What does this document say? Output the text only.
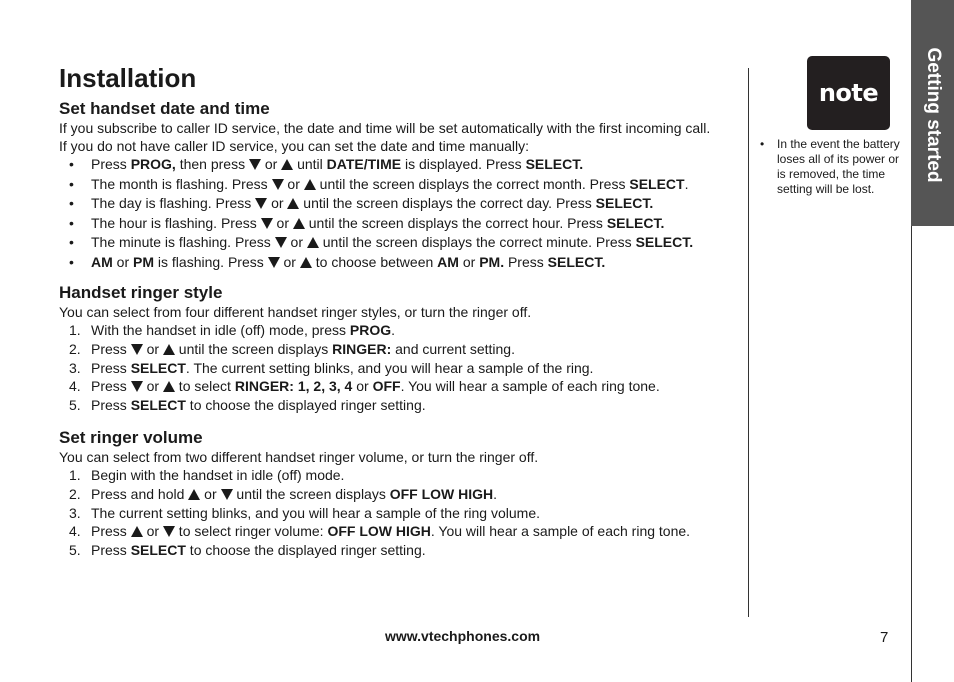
Installation
Set handset date and time

If you subscribe to caller ID service, the date and time will be set automatically with the first incoming call.

If you do not have caller ID service, you can set the date and time manually:

• Press PROG, then press  or  until DATE/TIME is displayed. Press SELECT.
• The month is flashing. Press  or  until the screen displays the correct month. Press SELECT.
• The day is flashing. Press  or  until the screen displays the correct day. Press SELECT.
• The hour is flashing. Press  or  until the screen displays the correct hour. Press SELECT.
• The minute is flashing. Press  or  until the screen displays the correct minute. Press SELECT.
• AM or PM is flashing. Press  or  to choose between AM or PM. Press SELECT.
Handset ringer style

You can select from four different handset ringer styles, or turn the ringer off.

1. With the handset in idle (off) mode, press PROG.
2. Press  or  until the screen displays RINGER: and current setting.
3. Press SELECT. The current setting blinks, and you will hear a sample of the ring.
4. Press  or  to select RINGER: 1, 2, 3, 4 or OFF. You will hear a sample of each ring tone.
5. Press SELECT to choose the displayed ringer setting.
Set ringer volume

You can select from two different handset ringer volume, or turn the ringer off.

1. Begin with the handset in idle (off) mode.
2. Press and hold  or  until the screen displays OFF LOW HIGH.
3. The current setting blinks, and you will hear a sample of the ring volume.
4. Press  or  to select ringer volume: OFF LOW HIGH. You will hear a sample of each ring tone.
5. Press SELECT to choose the displayed ringer setting.
note
• In the event the battery loses all of its power or is removed, the time setting will be lost.
Getting started
www.vtechphones.com	7
